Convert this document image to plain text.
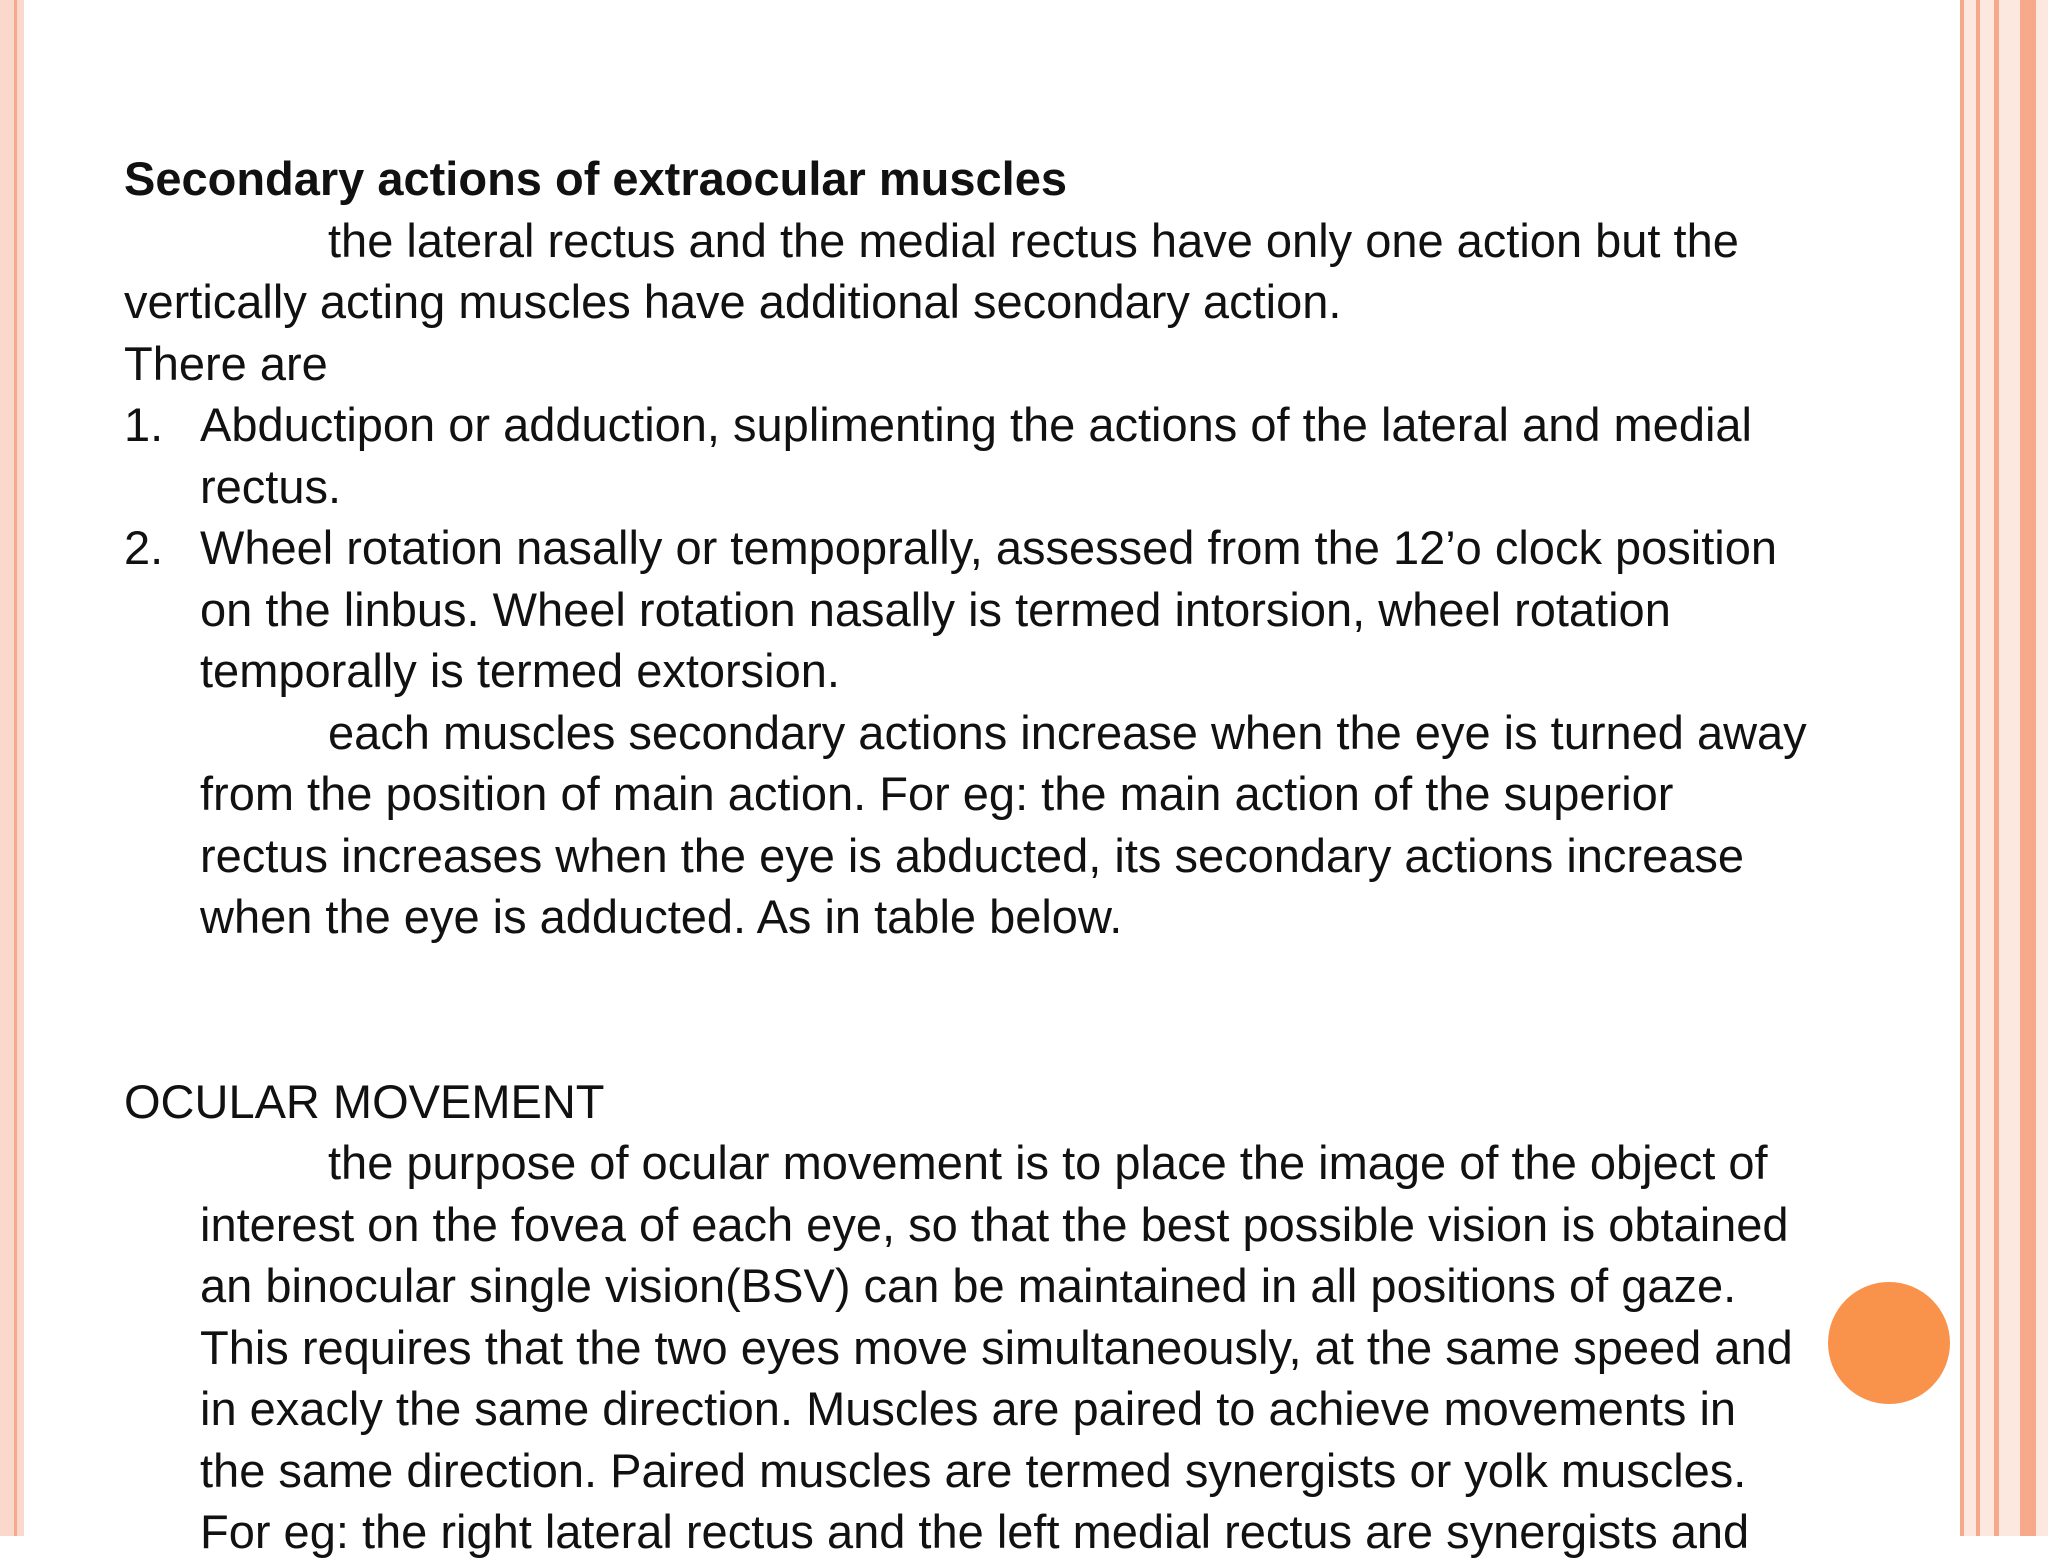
Secondary actions of extraocular muscles

the lateral rectus and the medial rectus have only one action but the

vertically acting muscles have additional secondary action.

There are

1. Abductipon or adduction, suplimenting the actions of the lateral and medial

rectus.

2. Wheel rotation nasally or tempoprally, assessed from the 12’o clock position

on the linbus. Wheel rotation nasally is termed intorsion, wheel rotation

temporally is termed extorsion.

each muscles secondary actions increase when the eye is turned away

from the position of main action. For eg: the main action of the superior

rectus increases when the eye is abducted, its secondary actions increase

when the eye is adducted. As in table below.

OCULAR MOVEMENT

the purpose of ocular movement is to place the image of the object of

interest on the fovea of each eye, so that the best possible vision is obtained

an binocular single vision(BSV) can be maintained in all positions of gaze.

This requires that the two eyes move simultaneously, at the same speed and

in exacly the same direction. Muscles are paired to achieve movements in

the same direction. Paired muscles are termed synergists or yolk muscles.

For eg: the right lateral rectus and the left medial rectus are synergists and
